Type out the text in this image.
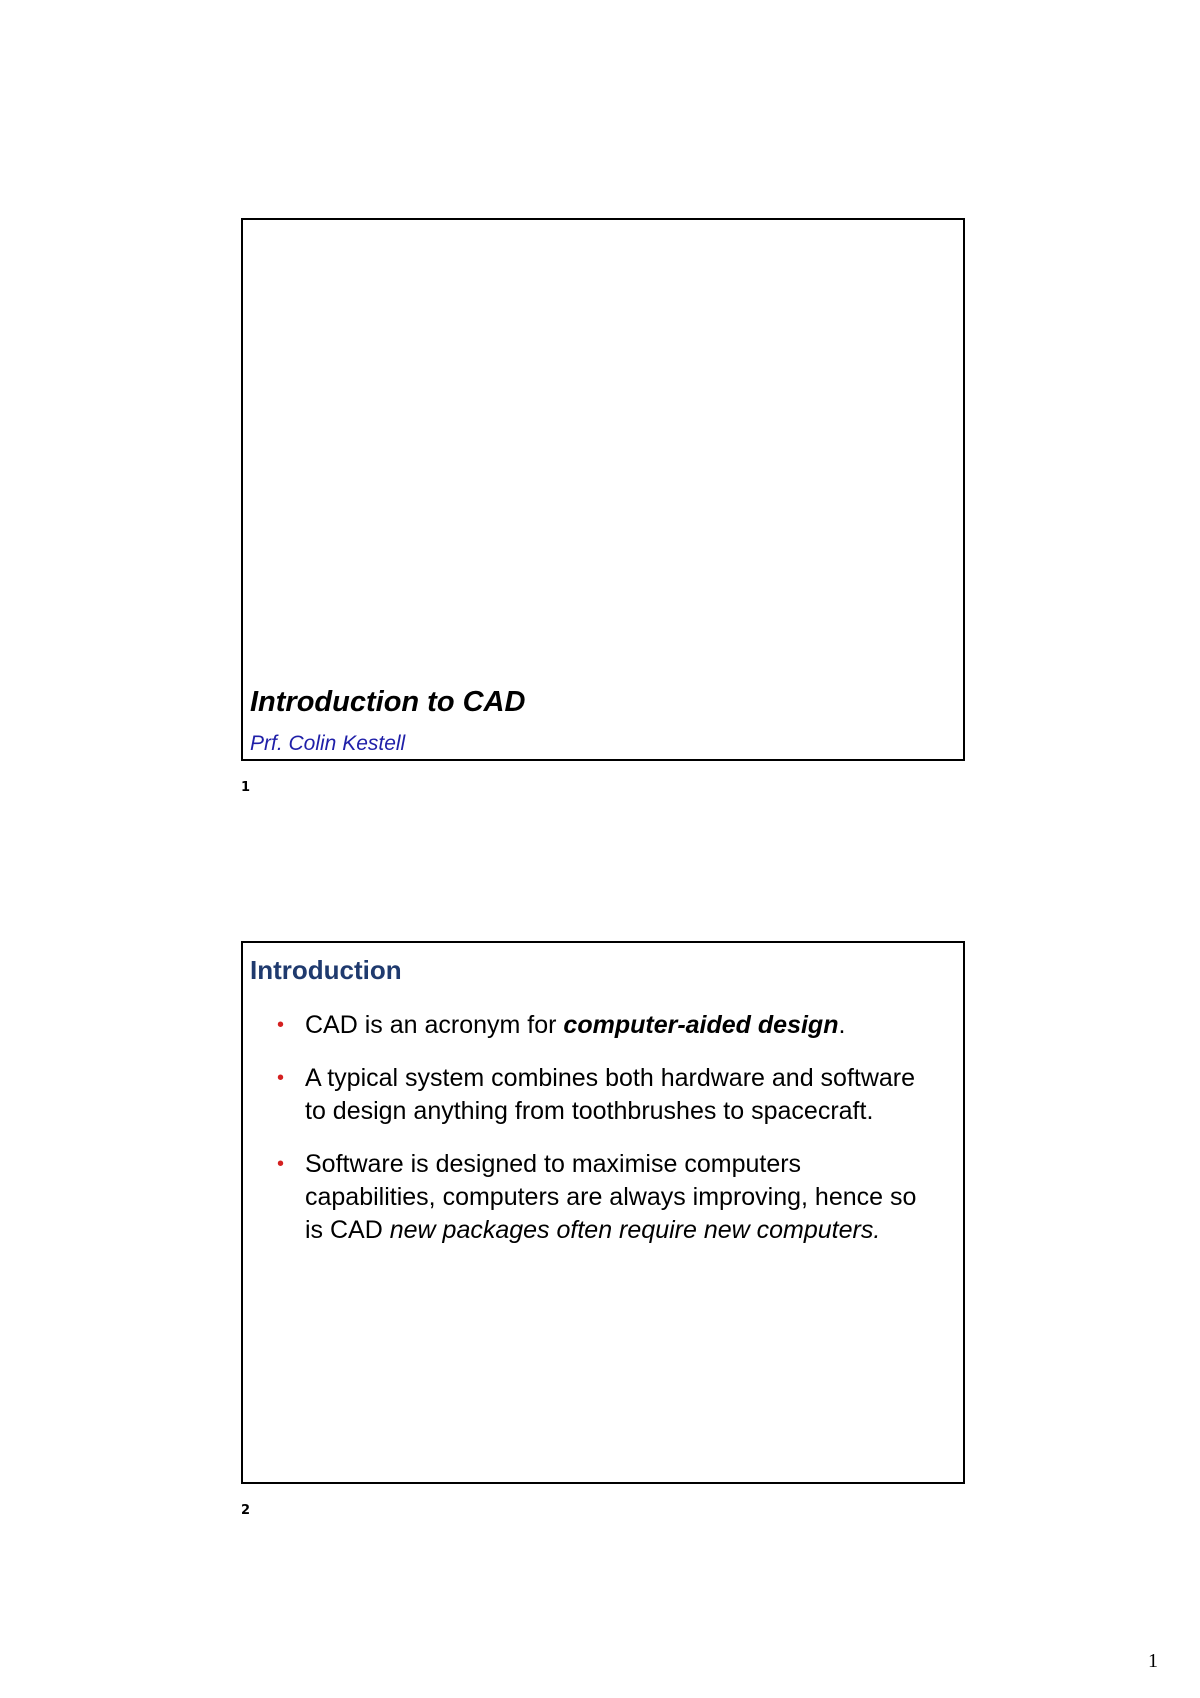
Introduction to CAD
Prf. Colin Kestell
1
Introduction
• CAD is an acronym for computer-aided design.
• A typical system combines both hardware and software to design anything from toothbrushes to spacecraft.
• Software is designed to maximise computers capabilities, computers are always improving, hence so is CAD new packages often require new computers.
2
1
